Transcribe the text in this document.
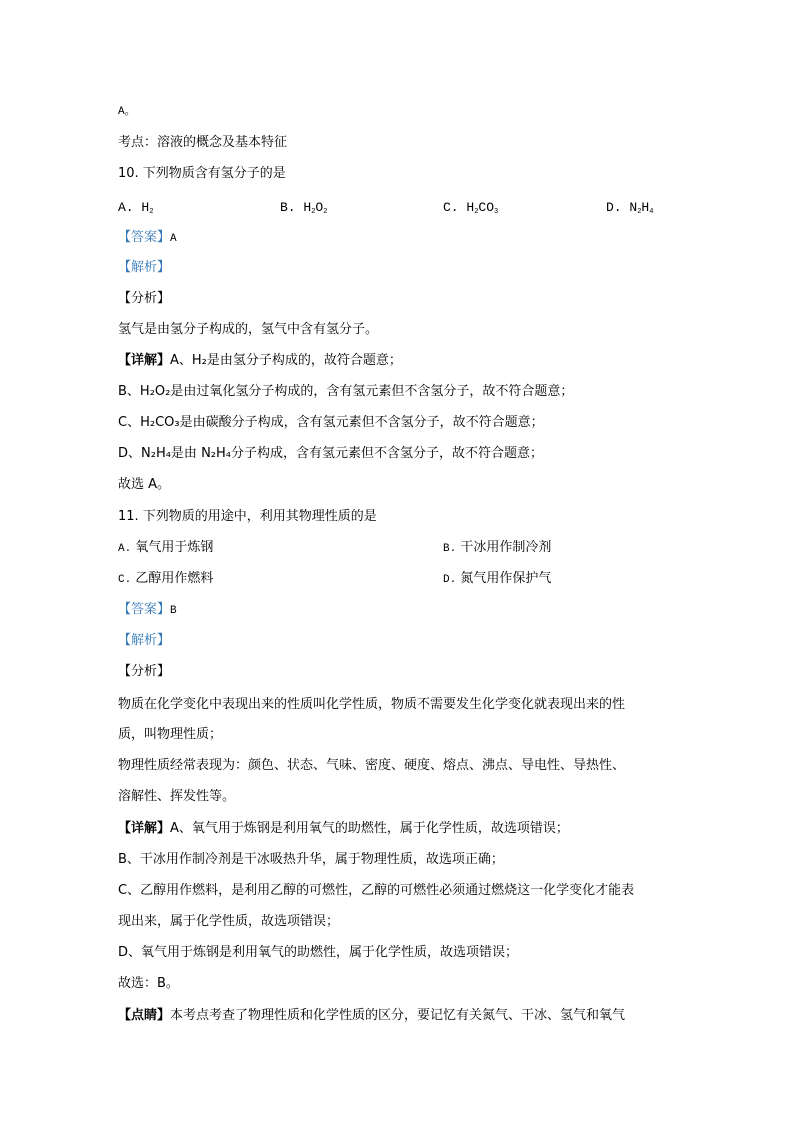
A。
考点：溶液的概念及基本特征
10. 下列物质含有氢分子的是
A. $H_2$	B. $H_2O_2$	C. $H_2CO_3$	D. $N_2H_4$
【答案】A
【解析】
【分析】
氢气是由氢分子构成的，氢气中含有氢分子。
【详解】A、H₂是由氢分子构成的，故符合题意；
B、H₂O₂是由过氧化氢分子构成的，含有氢元素但不含氢分子，故不符合题意；
C、H₂CO₃是由碳酸分子构成，含有氢元素但不含氢分子，故不符合题意；
D、N₂H₄是由 N₂H₄分子构成，含有氢元素但不含氢分子，故不符合题意；
故选 A。
11. 下列物质的用途中，利用其物理性质的是
A. 氧气用于炼钢	B. 干冰用作制冷剂
C. 乙醇用作燃料	D. 氮气用作保护气
【答案】B
【解析】
【分析】
物质在化学变化中表现出来的性质叫化学性质，物质不需要发生化学变化就表现出来的性
质，叫物理性质；
物理性质经常表现为：颜色、状态、气味、密度、硬度、熔点、沸点、导电性、导热性、
溶解性、挥发性等。
【详解】A、氧气用于炼钢是利用氧气的助燃性，属于化学性质，故选项错误；
B、干冰用作制冷剂是干冰吸热升华，属于物理性质，故选项正确；
C、乙醇用作燃料，是利用乙醇的可燃性，乙醇的可燃性必须通过燃烧这一化学变化才能表
现出来，属于化学性质，故选项错误；
D、氧气用于炼钢是利用氧气的助燃性，属于化学性质，故选项错误；
故选：B。
【点睛】本考点考查了物理性质和化学性质的区分，要记忆有关氮气、干冰、氢气和氧气
